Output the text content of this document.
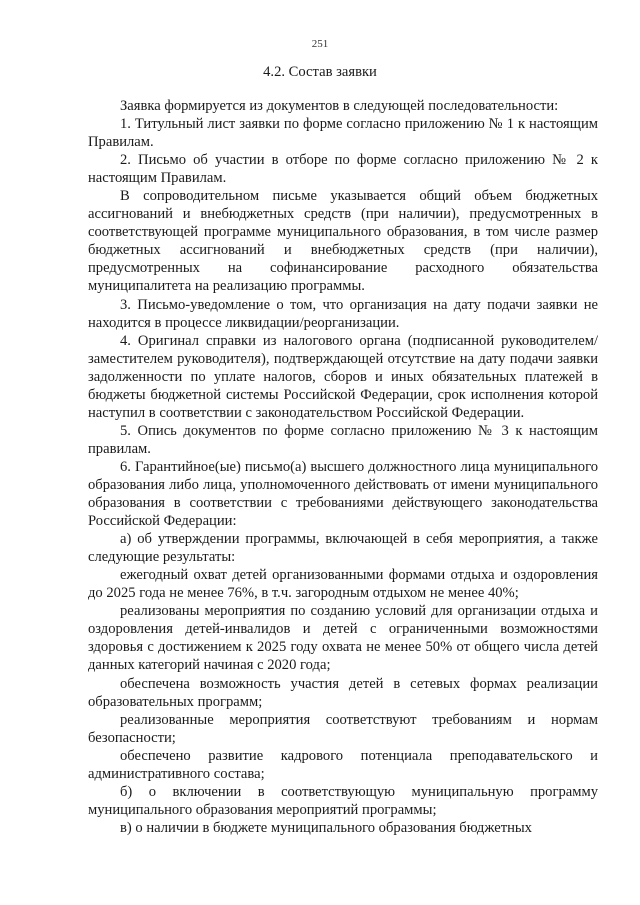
251
4.2. Состав заявки

Заявка формируется из документов в следующей последовательности:

1. Титульный лист заявки по форме согласно приложению № 1 к настоящим Правилам.

2. Письмо об участии в отборе по форме согласно приложению № 2 к настоящим Правилам.

В сопроводительном письме указывается общий объем бюджетных ассигнований и внебюджетных средств (при наличии), предусмотренных в соответствующей программе муниципального образования, в том числе размер бюджетных ассигнований и внебюджетных средств (при наличии), предусмотренных на софинансирование расходного обязательства муниципалитета на реализацию программы.

3. Письмо-уведомление о том, что организация на дату подачи заявки не находится в процессе ликвидации/реорганизации.

4. Оригинал справки из налогового органа (подписанной руководителем/заместителем руководителя), подтверждающей отсутствие на дату подачи заявки задолженности по уплате налогов, сборов и иных обязательных платежей в бюджеты бюджетной системы Российской Федерации, срок исполнения которой наступил в соответствии с законодательством Российской Федерации.

5. Опись документов по форме согласно приложению № 3 к настоящим правилам.

6. Гарантийное(ые) письмо(а) высшего должностного лица муниципального образования либо лица, уполномоченного действовать от имени муниципального образования в соответствии с требованиями действующего законодательства Российской Федерации:

а) об утверждении программы, включающей в себя мероприятия, а также следующие результаты:

ежегодный охват детей организованными формами отдыха и оздоровления до 2025 года не менее 76%, в т.ч. загородным отдыхом не менее 40%;

реализованы мероприятия по созданию условий для организации отдыха и оздоровления детей-инвалидов и детей с ограниченными возможностями здоровья с достижением к 2025 году охвата не менее 50% от общего числа детей данных категорий начиная с 2020 года;

обеспечена возможность участия детей в сетевых формах реализации образовательных программ;

реализованные мероприятия соответствуют требованиям и нормам безопасности;

обеспечено развитие кадрового потенциала преподавательского и административного состава;

б) о включении в соответствующую муниципальную программу муниципального образования мероприятий программы;

в) о наличии в бюджете муниципального образования бюджетных
